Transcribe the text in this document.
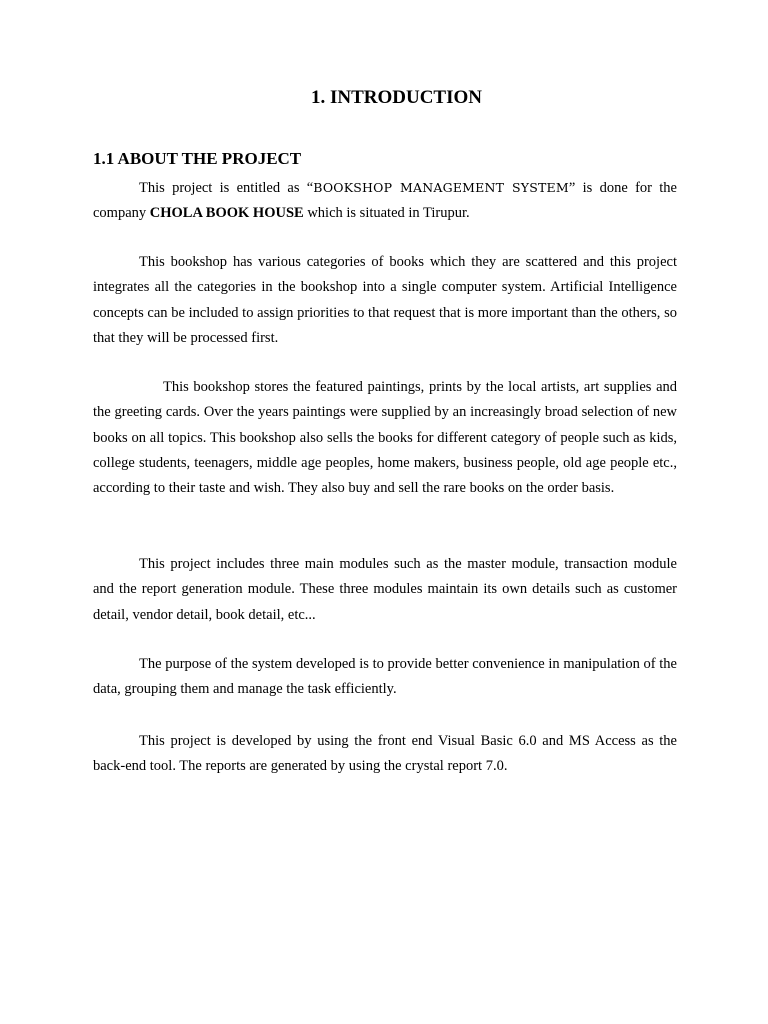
1. INTRODUCTION
1.1 ABOUT THE PROJECT

This project is entitled as “BOOKSHOP MANAGEMENT SYSTEM” is done for the company CHOLA BOOK HOUSE which is situated in Tirupur.

This bookshop has various categories of books which they are scattered and this project integrates all the categories in the bookshop into a single computer system. Artificial Intelligence concepts can be included to assign priorities to that request that is more important than the others, so that they will be processed first.

This bookshop stores the featured paintings, prints by the local artists, art supplies and the greeting cards. Over the years paintings were supplied by an increasingly broad selection of new books on all topics. This bookshop also sells the books for different category of people such as kids, college students, teenagers, middle age peoples, home makers, business people, old age people etc., according to their taste and wish. They also buy and sell the rare books on the order basis.

This project includes three main modules such as the master module, transaction module and the report generation module. These three modules maintain its own details such as customer detail, vendor detail, book detail, etc...

The purpose of the system developed is to provide better convenience in manipulation of the data, grouping them and manage the task efficiently.

This project is developed by using the front end Visual Basic 6.0 and MS Access as the back-end tool. The reports are generated by using the crystal report 7.0.
